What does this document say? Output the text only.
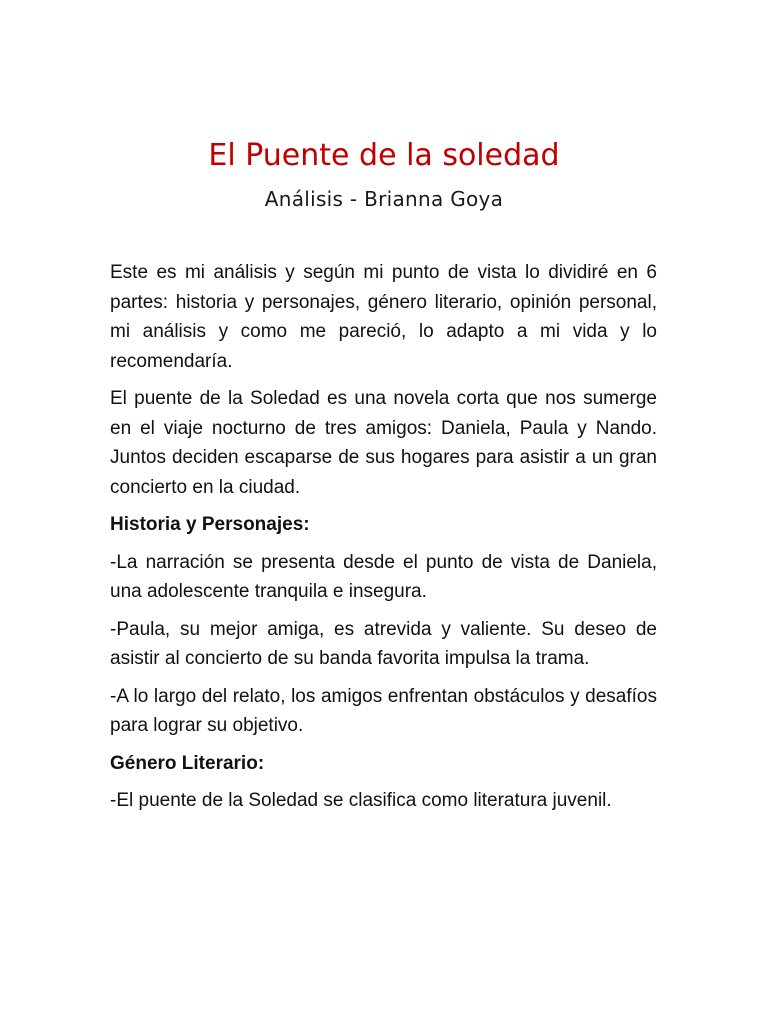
El Puente de la soledad
Análisis - Brianna Goya

Este es mi análisis y según mi punto de vista lo dividiré en 6 partes: historia y personajes, género literario, opinión personal, mi análisis y como me pareció, lo adapto a mi vida y lo recomendaría.

El puente de la Soledad es una novela corta que nos sumerge en el viaje nocturno de tres amigos: Daniela, Paula y Nando. Juntos deciden escaparse de sus hogares para asistir a un gran concierto en la ciudad.

Historia y Personajes:

-La narración se presenta desde el punto de vista de Daniela, una adolescente tranquila e insegura.

-Paula, su mejor amiga, es atrevida y valiente. Su deseo de asistir al concierto de su banda favorita impulsa la trama.

-A lo largo del relato, los amigos enfrentan obstáculos y desafíos para lograr su objetivo.

Género Literario:

-El puente de la Soledad se clasifica como literatura juvenil.
